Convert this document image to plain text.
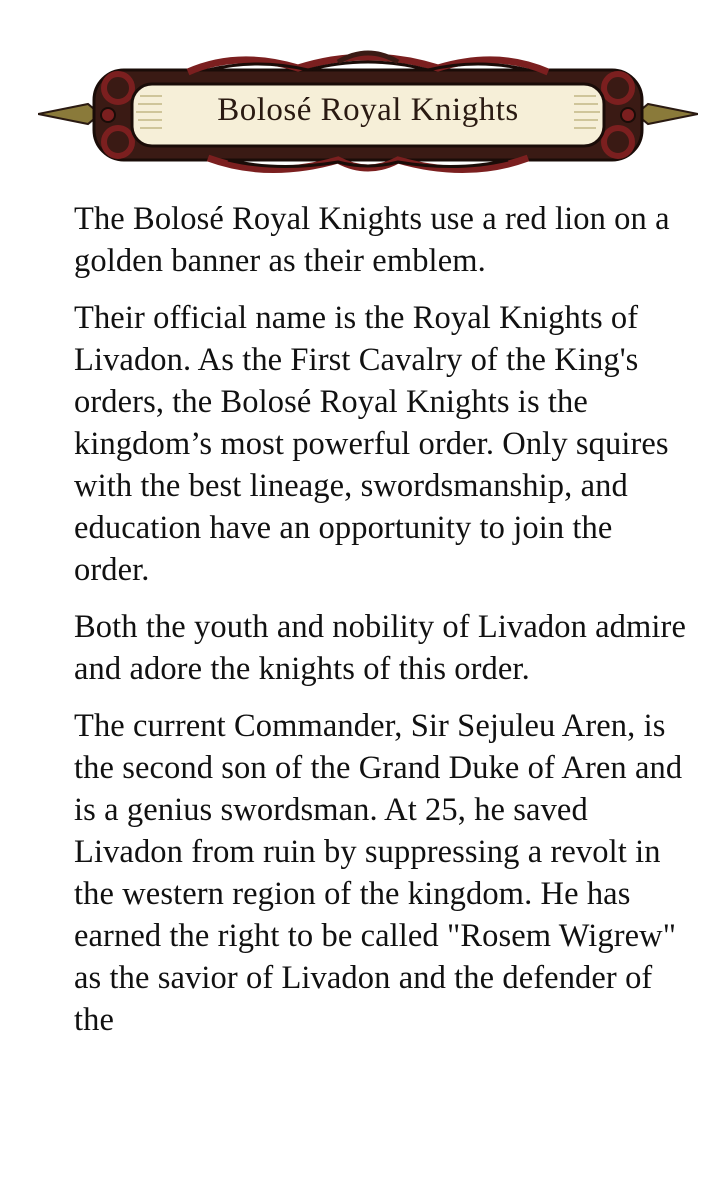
Bolosé Royal Knights

The Bolosé Royal Knights use a red lion on a golden banner as their emblem.

Their official name is the Royal Knights of Livadon. As the First Cavalry of the King's orders, the Bolosé Royal Knights is the kingdom’s most powerful order. Only squires with the best lineage, swordsmanship, and education have an opportunity to join the order.

Both the youth and nobility of Livadon admire and adore the knights of this order.

The current Commander, Sir Sejuleu Aren, is the second son of the Grand Duke of Aren and is a genius swordsman. At 25, he saved Livadon from ruin by suppressing a revolt in the western region of the kingdom. He has earned the right to be called "Rosem Wigrew" as the savior of Livadon and the defender of the
